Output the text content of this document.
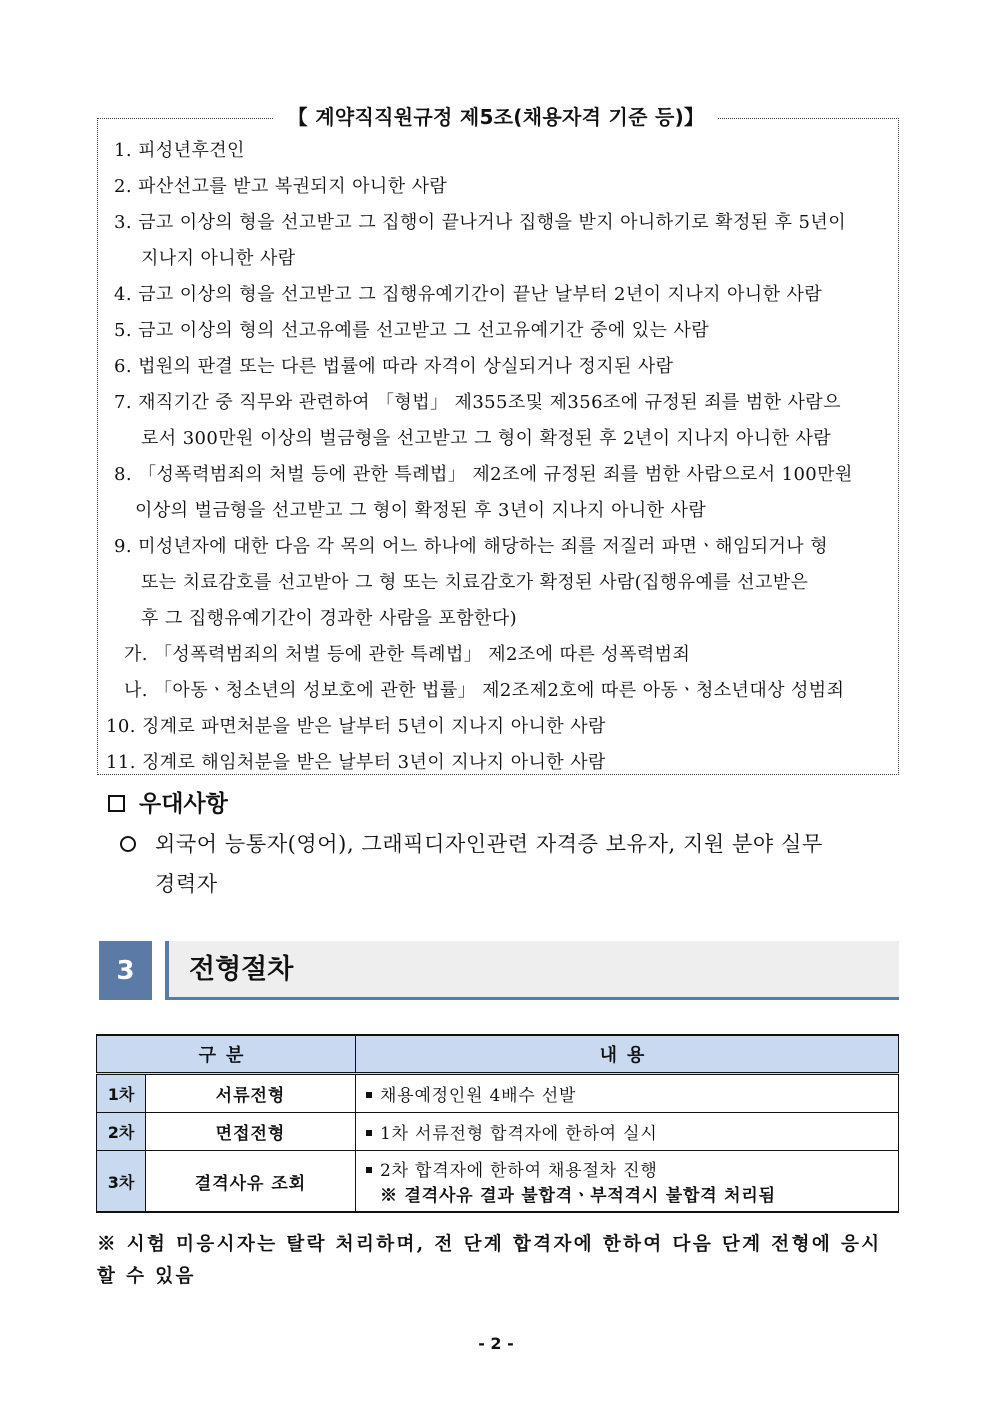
【 계약직직원규정 제5조(채용자격 기준 등)】
1. 피성년후견인
2. 파산선고를 받고 복권되지 아니한 사람
3. 금고 이상의 형을 선고받고 그 집행이 끝나거나 집행을 받지 아니하기로 확정된 후 5년이
지나지 아니한 사람
4. 금고 이상의 형을 선고받고 그 집행유예기간이 끝난 날부터 2년이 지나지 아니한 사람
5. 금고 이상의 형의 선고유예를 선고받고 그 선고유예기간 중에 있는 사람
6. 법원의 판결 또는 다른 법률에 따라 자격이 상실되거나 정지된 사람
7. 재직기간 중 직무와 관련하여 「형법」 제355조및 제356조에 규정된 죄를 범한 사람으
로서 300만원 이상의 벌금형을 선고받고 그 형이 확정된 후 2년이 지나지 아니한 사람
8. 「성폭력범죄의 처벌 등에 관한 특례법」 제2조에 규정된 죄를 범한 사람으로서 100만원
이상의 벌금형을 선고받고 그 형이 확정된 후 3년이 지나지 아니한 사람
9. 미성년자에 대한 다음 각 목의 어느 하나에 해당하는 죄를 저질러 파면ㆍ해임되거나 형
또는 치료감호를 선고받아 그 형 또는 치료감호가 확정된 사람(집행유예를 선고받은
후 그 집행유예기간이 경과한 사람을 포함한다)
가. 「성폭력범죄의 처벌 등에 관한 특례법」 제2조에 따른 성폭력범죄
나. 「아동ㆍ청소년의 성보호에 관한 법률」 제2조제2호에 따른 아동ㆍ청소년대상 성범죄
10. 징계로 파면처분을 받은 날부터 5년이 지나지 아니한 사람
11. 징계로 해임처분을 받은 날부터 3년이 지나지 아니한 사람
우대사항
외국어 능통자(영어), 그래픽디자인관련 자격증 보유자, 지원 분야 실무
경력자
3	전형절차
구분		내용
1차	서류전형	채용예정인원 4배수 선발
2차	면접전형	1차 서류전형 합격자에 한하여 실시
3차	결격사유 조회	2차 합격자에 한하여 채용절차 진행
※ 결격사유 결과 불합격ㆍ부적격시 불합격 처리됨
※ 시험 미응시자는 탈락 처리하며, 전 단계 합격자에 한하여 다음 단계 전형에 응시 할 수 있음
- 2 -
